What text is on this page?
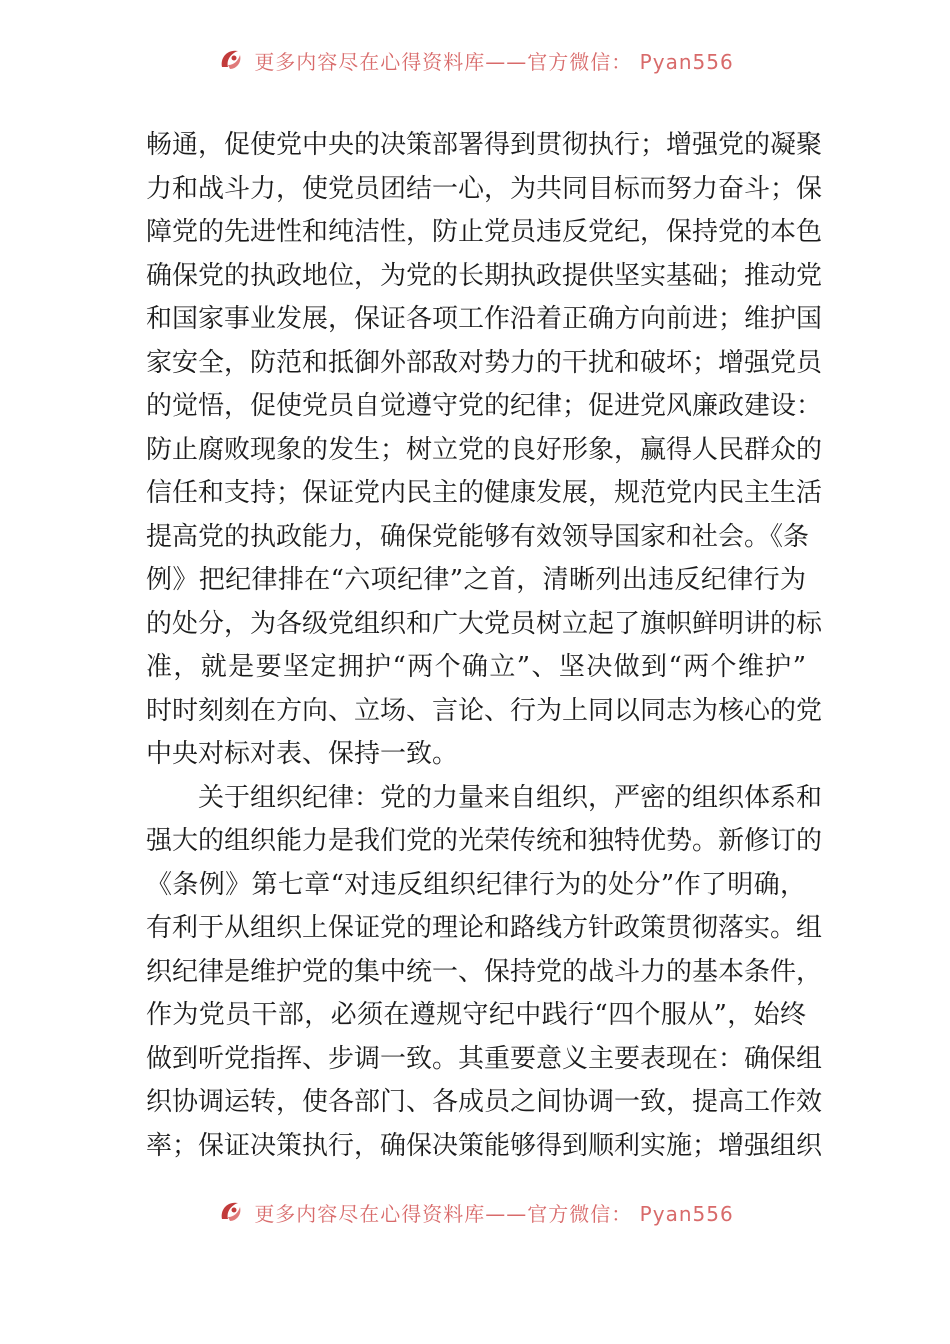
更多内容尽在心得资料库——官方微信： Pyan556
畅通，促使党中央的决策部署得到贯彻执行；增强党的凝聚
力和战斗力，使党员团结一心，为共同目标而努力奋斗；保
障党的先进性和纯洁性，防止党员违反党纪，保持党的本色
确保党的执政地位，为党的长期执政提供坚实基础；推动党
和国家事业发展，保证各项工作沿着正确方向前进；维护国
家安全，防范和抵御外部敌对势力的干扰和破坏；增强党员
的觉悟，促使党员自觉遵守党的纪律；促进党风廉政建设：
防止腐败现象的发生；树立党的良好形象，赢得人民群众的
信任和支持；保证党内民主的健康发展，规范党内民主生活
提高党的执政能力，确保党能够有效领导国家和社会。《条
例》把纪律排在“六项纪律”之首，清晰列出违反纪律行为
的处分，为各级党组织和广大党员树立起了旗帜鲜明讲的标
准，就是要坚定拥护“两个确立”、坚决做到“两个维护”
时时刻刻在方向、立场、言论、行为上同以同志为核心的党
中央对标对表、保持一致。
　　关于组织纪律：党的力量来自组织，严密的组织体系和
强大的组织能力是我们党的光荣传统和独特优势。新修订的
《条例》第七章“对违反组织纪律行为的处分”作了明确，
有利于从组织上保证党的理论和路线方针政策贯彻落实。组
织纪律是维护党的集中统一、保持党的战斗力的基本条件，
作为党员干部，必须在遵规守纪中践行“四个服从”，始终
做到听党指挥、步调一致。其重要意义主要表现在：确保组
织协调运转，使各部门、各成员之间协调一致，提高工作效
率；保证决策执行，确保决策能够得到顺利实施；增强组织
更多内容尽在心得资料库——官方微信： Pyan556
